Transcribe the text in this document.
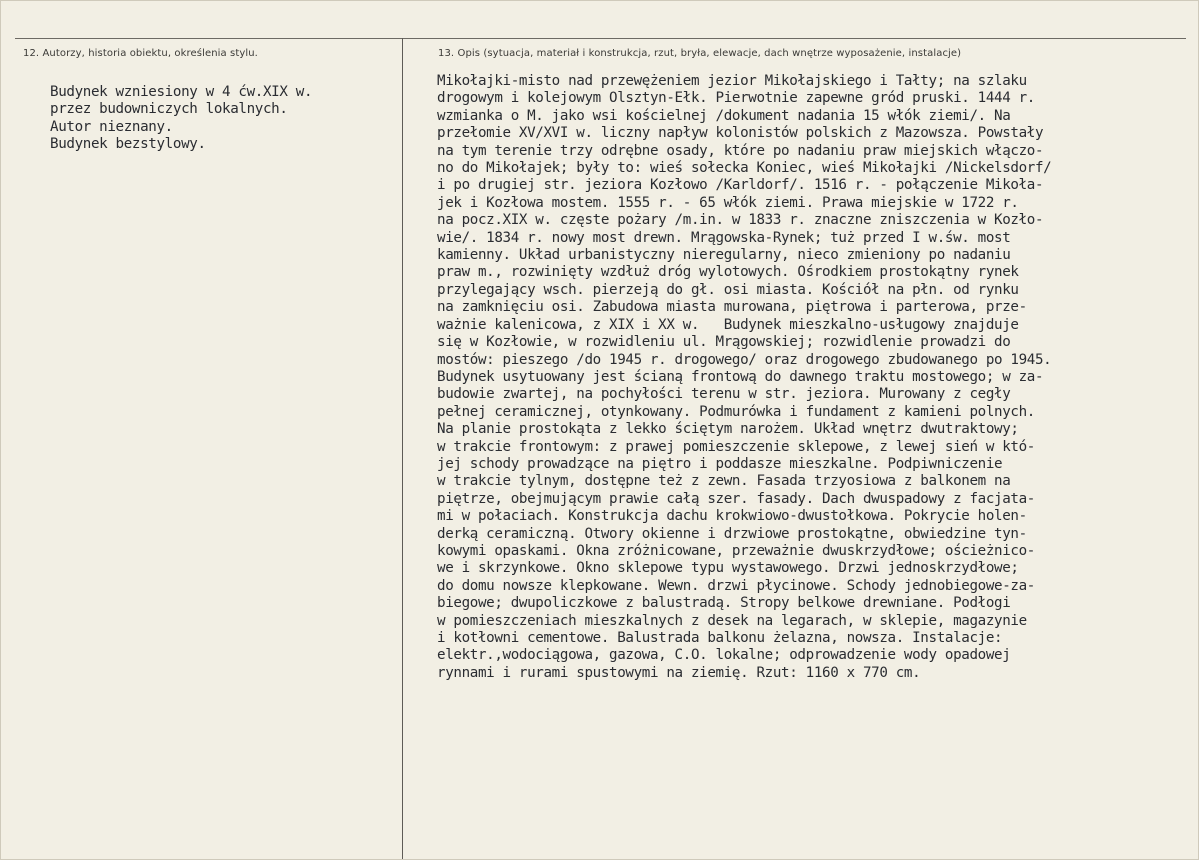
12. Autorzy, historia obiektu, określenia stylu.	13. Opis (sytuacja, materiał i konstrukcja, rzut, bryła, elewacje, dach wnętrze wyposażenie, instalacje)
Budynek wzniesiony w 4 ćw.XIX w.
przez budowniczych lokalnych.
Autor nieznany.
Budynek bezstylowy.
Mikołajki-misto nad przewężeniem jezior Mikołajskiego i Tałty; na szlaku
drogowym i kolejowym Olsztyn-Ełk. Pierwotnie zapewne gród pruski. 1444 r.
wzmianka o M. jako wsi kościelnej /dokument nadania 15 włók ziemi/. Na
przełomie XV/XVI w. liczny napływ kolonistów polskich z Mazowsza. Powstały
na tym terenie trzy odrębne osady, które po nadaniu praw miejskich włączo-
no do Mikołajek; były to: wieś sołecka Koniec, wieś Mikołajki /Nickelsdorf/
i po drugiej str. jeziora Kozłowo /Karldorf/. 1516 r. - połączenie Mikoła-
jek i Kozłowa mostem. 1555 r. - 65 włók ziemi. Prawa miejskie w 1722 r.
na pocz.XIX w. częste pożary /m.in. w 1833 r. znaczne zniszczenia w Kozło-
wie/. 1834 r. nowy most drewn. Mrągowska-Rynek; tuż przed I w.św. most
kamienny. Układ urbanistyczny nieregularny, nieco zmieniony po nadaniu
praw m., rozwinięty wzdłuż dróg wylotowych. Ośrodkiem prostokątny rynek
przylegający wsch. pierzeją do gł. osi miasta. Kościół na płn. od rynku
na zamknięciu osi. Zabudowa miasta murowana, piętrowa i parterowa, prze-
ważnie kalenicowa, z XIX i XX w.   Budynek mieszkalno-usługowy znajduje
się w Kozłowie, w rozwidleniu ul. Mrągowskiej; rozwidlenie prowadzi do
mostów: pieszego /do 1945 r. drogowego/ oraz drogowego zbudowanego po 1945.
Budynek usytuowany jest ścianą frontową do dawnego traktu mostowego; w za-
budowie zwartej, na pochyłości terenu w str. jeziora. Murowany z cegły
pełnej ceramicznej, otynkowany. Podmurówka i fundament z kamieni polnych.
Na planie prostokąta z lekko ściętym narożem. Układ wnętrz dwutraktowy;
w trakcie frontowym: z prawej pomieszczenie sklepowe, z lewej sień w któ-
jej schody prowadzące na piętro i poddasze mieszkalne. Podpiwniczenie
w trakcie tylnym, dostępne też z zewn. Fasada trzyosiowa z balkonem na
piętrze, obejmującym prawie całą szer. fasady. Dach dwuspadowy z facjata-
mi w połaciach. Konstrukcja dachu krokwiowo-dwustołkowa. Pokrycie holen-
derką ceramiczną. Otwory okienne i drzwiowe prostokątne, obwiedzine tyn-
kowymi opaskami. Okna zróżnicowane, przeważnie dwuskrzydłowe; ościeżnico-
we i skrzynkowe. Okno sklepowe typu wystawowego. Drzwi jednoskrzydłowe;
do domu nowsze klepkowane. Wewn. drzwi płycinowe. Schody jednobiegowe-za-
biegowe; dwupoliczkowe z balustradą. Stropy belkowe drewniane. Podłogi
w pomieszczeniach mieszkalnych z desek na legarach, w sklepie, magazynie
i kotłowni cementowe. Balustrada balkonu żelazna, nowsza. Instalacje:
elektr.,wodociągowa, gazowa, C.O. lokalne; odprowadzenie wody opadowej
rynnami i rurami spustowymi na ziemię. Rzut: 1160 x 770 cm.
